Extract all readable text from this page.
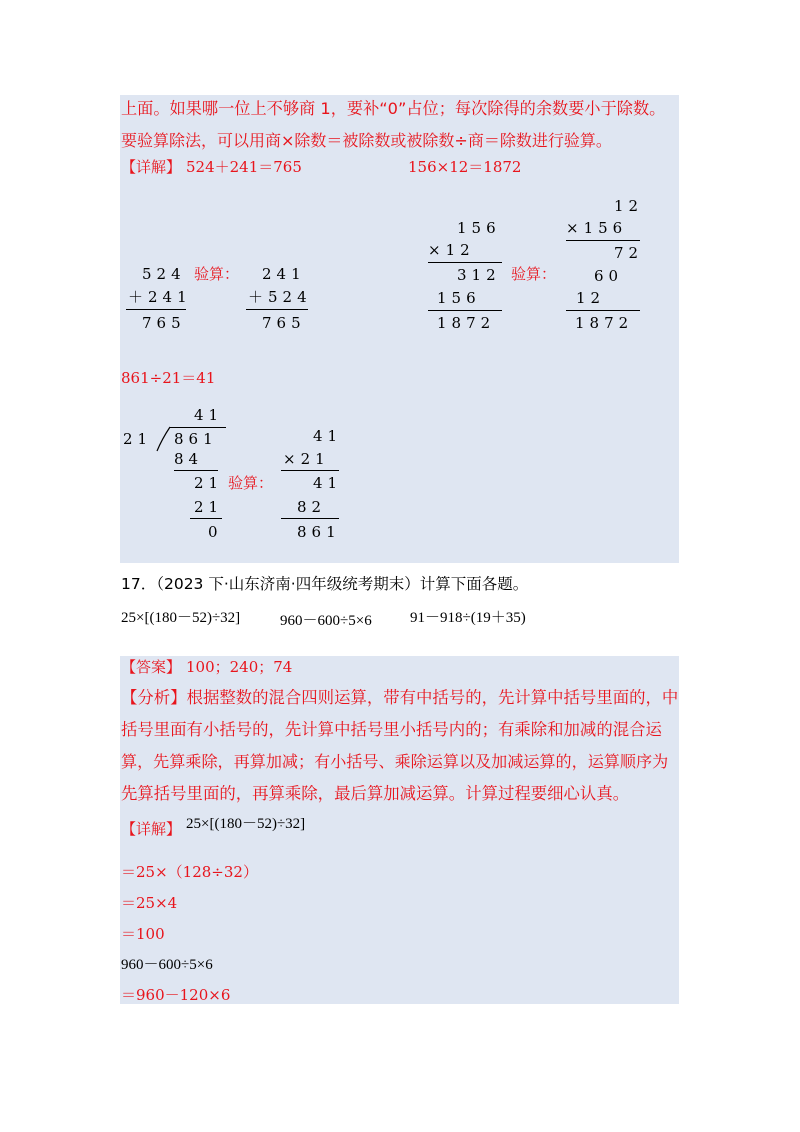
上面。如果哪一位上不够商 1，要补“0”占位；每次除得的余数要小于除数。
要验算除法，可以用商×除数＝被除数或被除数÷商＝除数进行验算。
【详解】 524＋241＝765	156×12＝1872
524
＋241
765
验算： 241
＋524
765
156
×12
312
156
1872
验算：
12
×156
72
60
12
1872
861÷21＝41
41
21 861
84
21
21
0
验算：
41
×21
41
82
861
17．（2023 下·山东济南·四年级统考期末）计算下面各题。
25×[(180－52)÷32]	960－600÷5×6	91－918÷(19＋35)
【答案】 100；240；74
【分析】根据整数的混合四则运算，带有中括号的，先计算中括号里面的，中
括号里面有小括号的，先计算中括号里小括号内的；有乘除和加减的混合运
算，先算乘除，再算加减；有小括号、乘除运算以及加减运算的，运算顺序为
先算括号里面的，再算乘除，最后算加减运算。计算过程要细心认真。
【详解】 25×[(180－52)÷32]
＝25×（128÷32）
＝25×4
＝100
960－600÷5×6
＝960－120×6
